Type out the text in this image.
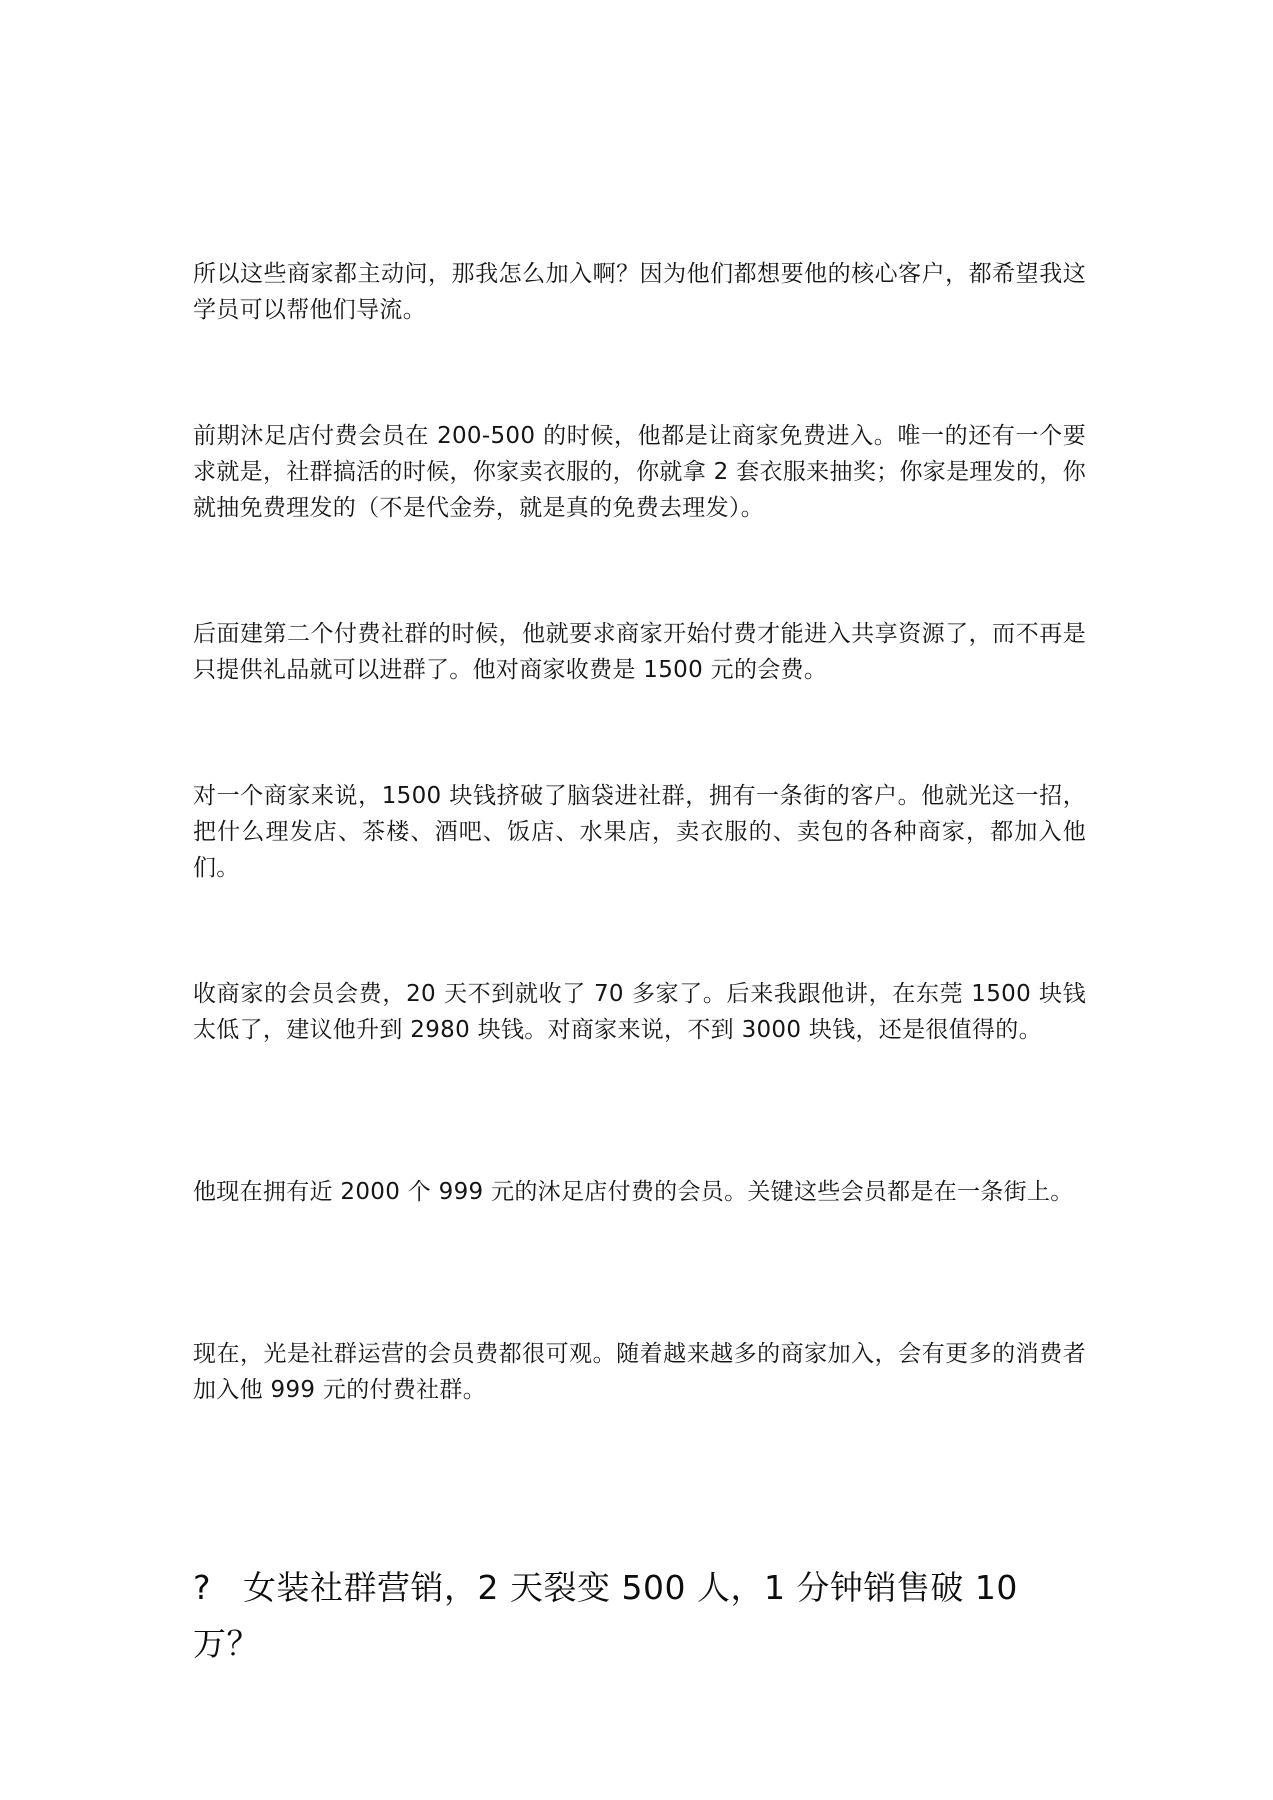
所以这些商家都主动问，那我怎么加入啊？因为他们都想要他的核心客户，都希望我这学员可以帮他们导流。

前期沐足店付费会员在 200-500 的时候，他都是让商家免费进入。唯一的还有一个要求就是，社群搞活的时候，你家卖衣服的，你就拿 2 套衣服来抽奖；你家是理发的，你就抽免费理发的（不是代金券，就是真的免费去理发）。

后面建第二个付费社群的时候，他就要求商家开始付费才能进入共享资源了，而不再是只提供礼品就可以进群了。他对商家收费是 1500 元的会费。

对一个商家来说，1500 块钱挤破了脑袋进社群，拥有一条街的客户。他就光这一招，把什么理发店、茶楼、酒吧、饭店、水果店，卖衣服的、卖包的各种商家，都加入他们。

收商家的会员会费，20 天不到就收了 70 多家了。后来我跟他讲，在东莞 1500 块钱太低了，建议他升到 2980 块钱。对商家来说，不到 3000 块钱，还是很值得的。

他现在拥有近 2000 个 999 元的沐足店付费的会员。关键这些会员都是在一条街上。

现在，光是社群运营的会员费都很可观。随着越来越多的商家加入，会有更多的消费者加入他 999 元的付费社群。

? 女装社群营销，2 天裂变 500 人，1 分钟销售破 10 万？
